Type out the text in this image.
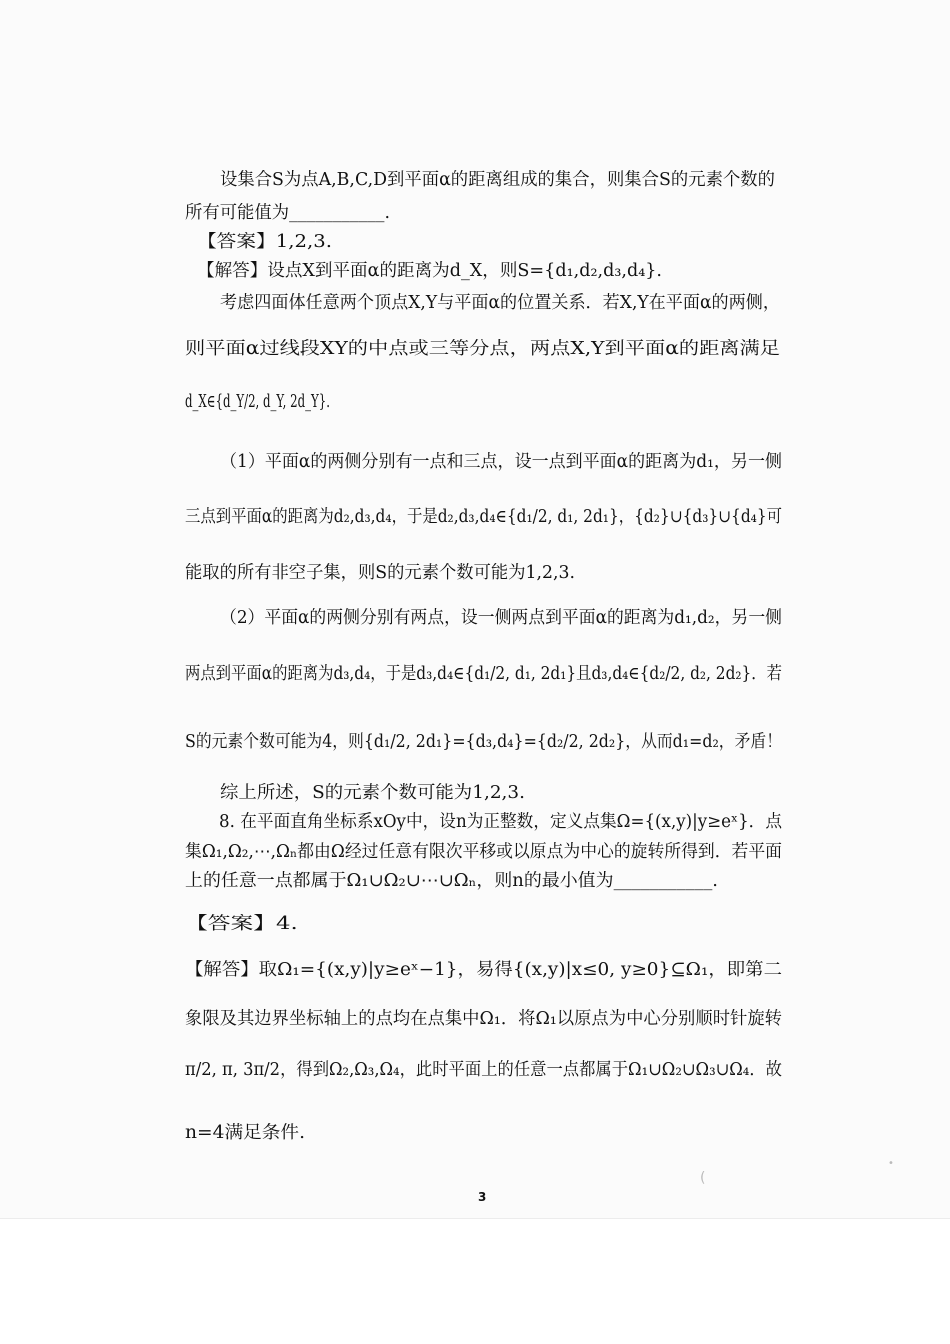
设集合S为点A,B,C,D到平面α的距离组成的集合，则集合S的元素个数的
所有可能值为___________.
【答案】1,2,3.
【解答】设点X到平面α的距离为d_X，则S={d₁,d₂,d₃,d₄}.
考虑四面体任意两个顶点X,Y与平面α的位置关系．若X,Y在平面α的两侧，
则平面α过线段XY的中点或三等分点，两点X,Y到平面α的距离满足
d_X∈{d_Y/2, d_Y, 2d_Y}.
（1）平面α的两侧分别有一点和三点，设一点到平面α的距离为d₁，另一侧
三点到平面α的距离为d₂,d₃,d₄，于是d₂,d₃,d₄∈{d₁/2, d₁, 2d₁}，{d₂}∪{d₃}∪{d₄}可
能取的所有非空子集，则S的元素个数可能为1,2,3.
（2）平面α的两侧分别有两点，设一侧两点到平面α的距离为d₁,d₂，另一侧
两点到平面α的距离为d₃,d₄，于是d₃,d₄∈{d₁/2, d₁, 2d₁}且d₃,d₄∈{d₂/2, d₂, 2d₂}．若
S的元素个数可能为4，则{d₁/2, 2d₁}={d₃,d₄}={d₂/2, 2d₂}，从而d₁=d₂，矛盾！
综上所述，S的元素个数可能为1,2,3.
8. 在平面直角坐标系xOy中，设n为正整数，定义点集Ω={(x,y)|y≥eˣ}．点
集Ω₁,Ω₂,⋯,Ωₙ都由Ω经过任意有限次平移或以原点为中心的旋转所得到．若平面
上的任意一点都属于Ω₁∪Ω₂∪⋯∪Ωₙ，则n的最小值为___________.
【答案】4.
【解答】取Ω₁={(x,y)|y≥eˣ−1}，易得{(x,y)|x≤0, y≥0}⊆Ω₁，即第二
象限及其边界坐标轴上的点均在点集中Ω₁．将Ω₁以原点为中心分别顺时针旋转
π/2, π, 3π/2，得到Ω₂,Ω₃,Ω₄，此时平面上的任意一点都属于Ω₁∪Ω₂∪Ω₃∪Ω₄．故
n=4满足条件.
3
(
•
